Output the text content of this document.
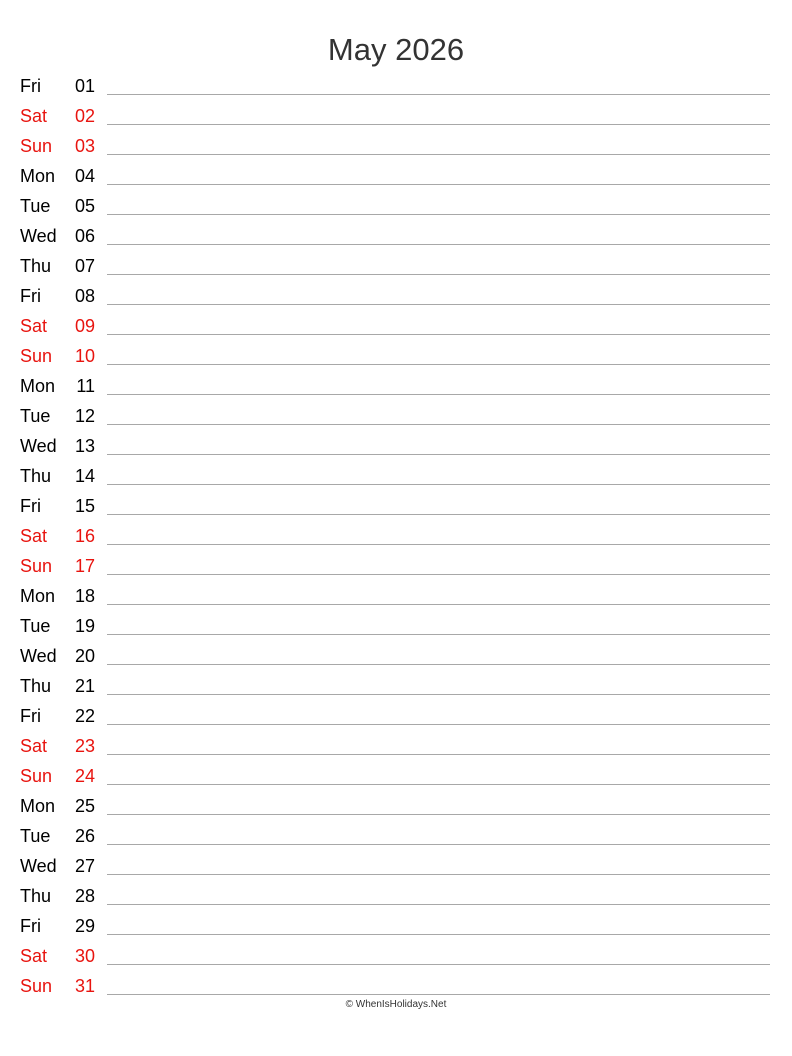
May 2026
Fri	01
Sat	02
Sun	03
Mon	04
Tue	05
Wed	06
Thu	07
Fri	08
Sat	09
Sun	10
Mon	11
Tue	12
Wed	13
Thu	14
Fri	15
Sat	16
Sun	17
Mon	18
Tue	19
Wed	20
Thu	21
Fri	22
Sat	23
Sun	24
Mon	25
Tue	26
Wed	27
Thu	28
Fri	29
Sat	30
Sun	31
© WhenIsHolidays.Net
